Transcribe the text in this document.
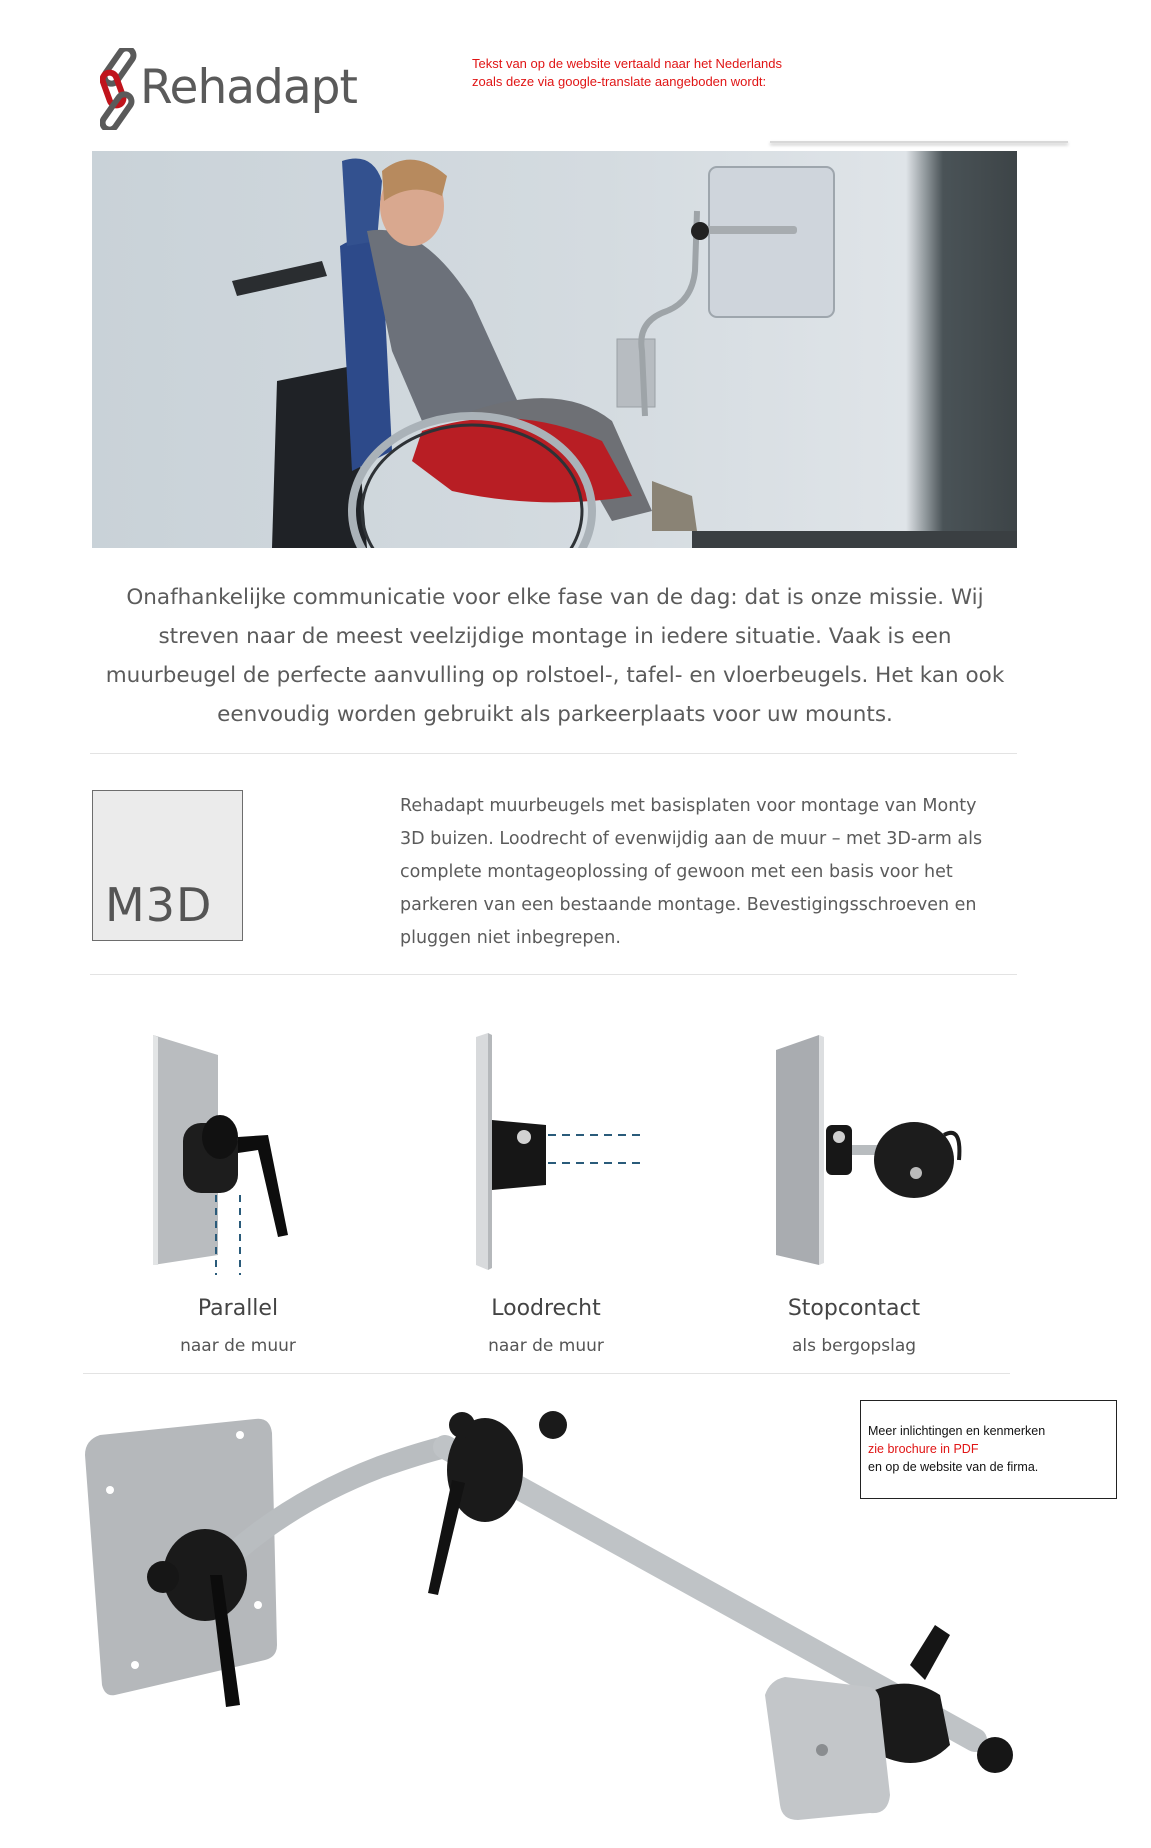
Rehadapt	Tekst van op de website vertaald naar het Nederlands
zoals deze via google-translate aangeboden wordt:

Onafhankelijke communicatie voor elke fase van de dag: dat is onze missie. Wij streven naar de meest veelzijdige montage in iedere situatie. Vaak is een muurbeugel de perfecte aanvulling op rolstoel-, tafel- en vloerbeugels. Het kan ook eenvoudig worden gebruikt als parkeerplaats voor uw mounts.

M3D

Rehadapt muurbeugels met basisplaten voor montage van Monty 3D buizen. Loodrecht of evenwijdig aan de muur – met 3D-arm als complete montageoplossing of gewoon met een basis voor het parkeren van een bestaande montage. Bevestigingsschroeven en pluggen niet inbegrepen.

Parallel
naar de muur
Loodrecht
naar de muur
Stopcontact
als bergopslag
Meer inlichtingen en kenmerken
zie brochure in PDF
en op de website van de firma.
